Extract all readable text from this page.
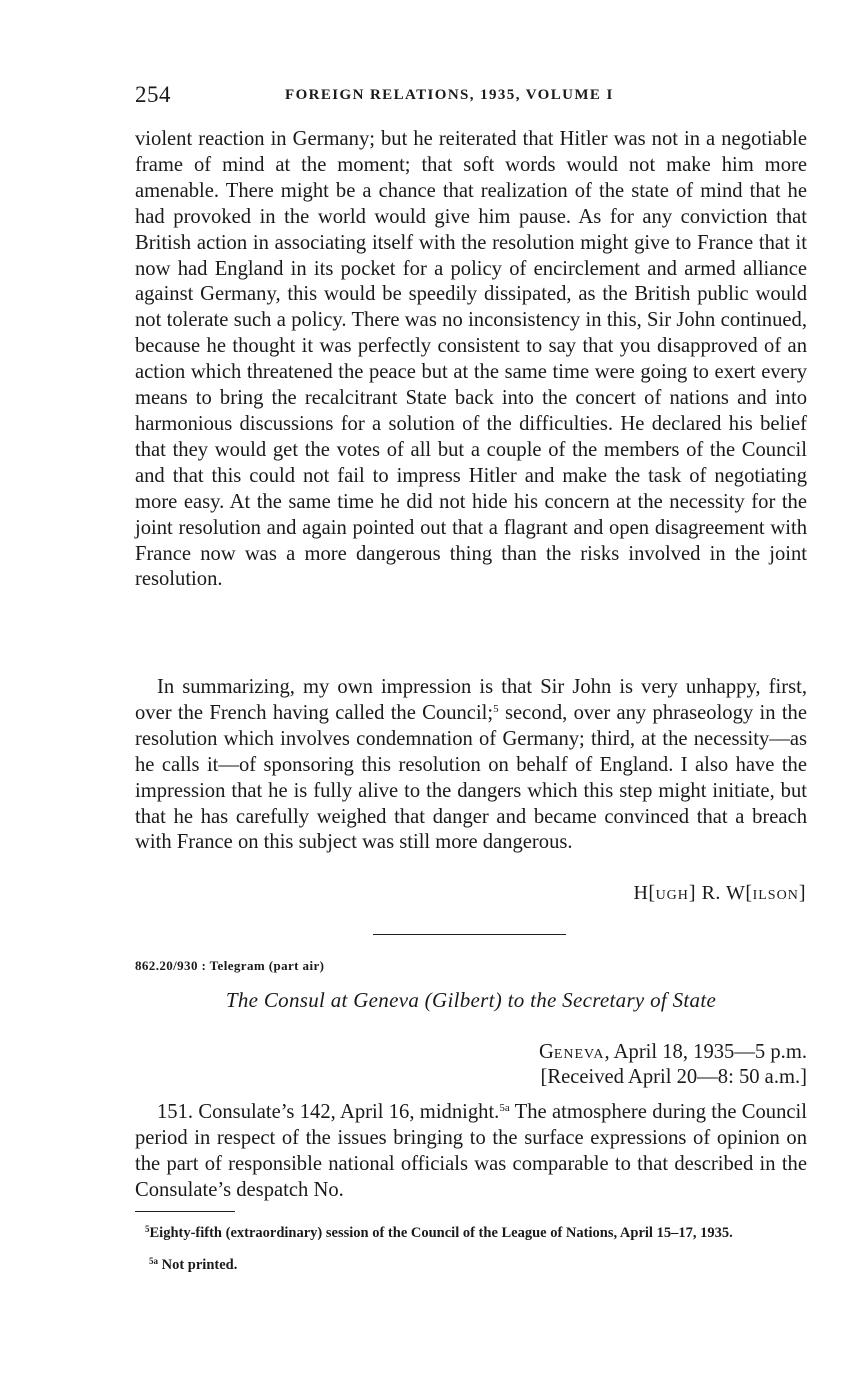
254	FOREIGN RELATIONS, 1935, VOLUME I

violent reaction in Germany; but he reiterated that Hitler was not in a negotiable frame of mind at the moment; that soft words would not make him more amenable. There might be a chance that realization of the state of mind that he had provoked in the world would give him pause. As for any conviction that British action in associating itself with the resolution might give to France that it now had England in its pocket for a policy of encirclement and armed alliance against Germany, this would be speedily dissipated, as the British public would not tolerate such a policy. There was no inconsistency in this, Sir John continued, because he thought it was perfectly consistent to say that you disapproved of an action which threatened the peace but at the same time were going to exert every means to bring the recalcitrant State back into the concert of nations and into harmonious discussions for a solution of the difficulties. He declared his belief that they would get the votes of all but a couple of the members of the Council and that this could not fail to impress Hitler and make the task of negotiating more easy. At the same time he did not hide his concern at the necessity for the joint resolution and again pointed out that a flagrant and open disagreement with France now was a more dangerous thing than the risks involved in the joint resolution.

In summarizing, my own impression is that Sir John is very unhappy, first, over the French having called the Council;$^5$ second, over any phraseology in the resolution which involves condemnation of Germany; third, at the necessity—as he calls it—of sponsoring this resolution on behalf of England. I also have the impression that he is fully alive to the dangers which this step might initiate, but that he has carefully weighed that danger and became convinced that a breach with France on this subject was still more dangerous.

H[UGH] R. W[ILSON]
862.20/930 : Telegram (part air)
The Consul at Geneva (Gilbert) to the Secretary of State
GENEVA, April 18, 1935—5 p.m.
[Received April 20—8: 50 a.m.]

151. Consulate’s 142, April 16, midnight.$^{5a}$ The atmosphere during the Council period in respect of the issues bringing to the surface expressions of opinion on the part of responsible national officials was comparable to that described in the Consulate’s despatch No.

$^5$Eighty-fifth (extraordinary) session of the Council of the League of Nations, April 15–17, 1935.

$^{5a}$ Not printed.
